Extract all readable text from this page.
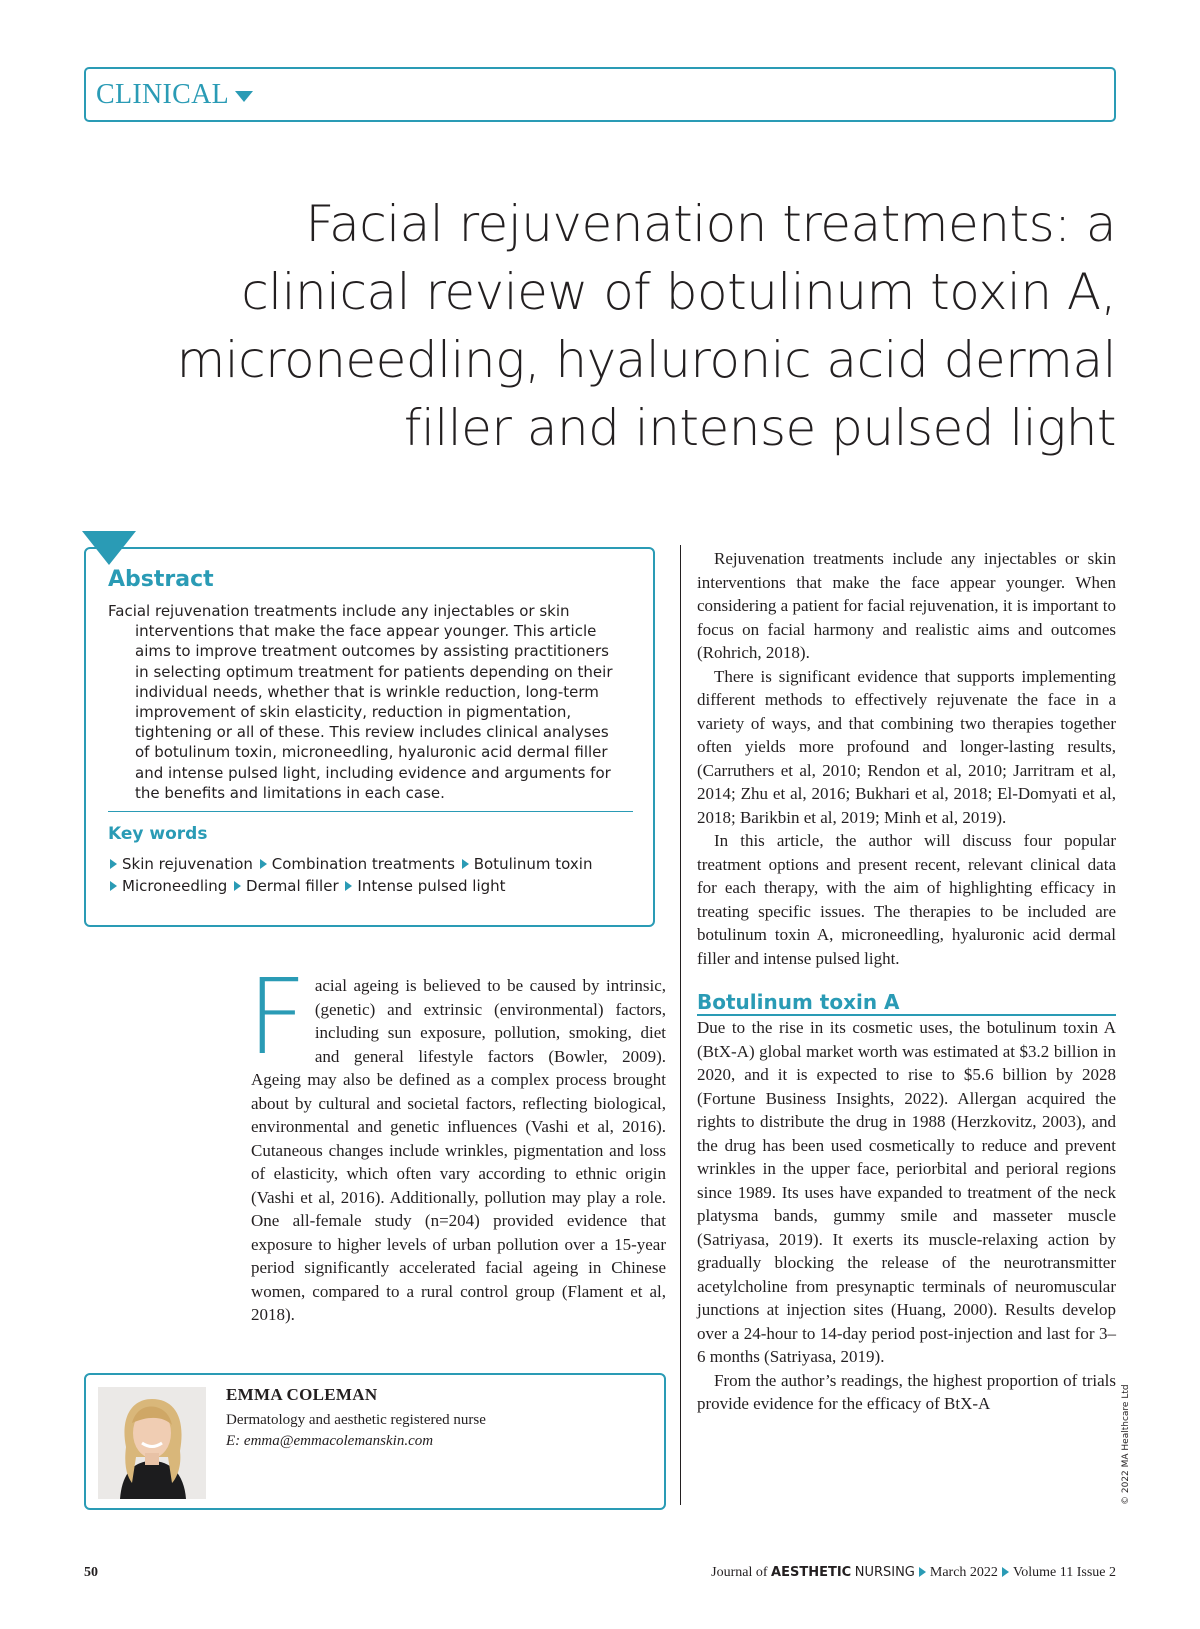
CLINICAL
Facial rejuvenation treatments: a clinical review of botulinum toxin A, microneedling, hyaluronic acid dermal filler and intense pulsed light
Abstract

Facial rejuvenation treatments include any injectables or skin interventions that make the face appear younger. This article aims to improve treatment outcomes by assisting practitioners in selecting optimum treatment for patients depending on their individual needs, whether that is wrinkle reduction, long-term improvement of skin elasticity, reduction in pigmentation, tightening or all of these. This review includes clinical analyses of botulinum toxin, microneedling, hyaluronic acid dermal filler and intense pulsed light, including evidence and arguments for the benefits and limitations in each case.

Key words
Skin rejuvenation Combination treatments Botulinum toxin
Microneedling Dermal filler Intense pulsed light
Facial ageing is believed to be caused by intrinsic, (genetic) and extrinsic (environmental) factors, including sun exposure, pollution, smoking, diet and general lifestyle factors (Bowler, 2009). Ageing may also be defined as a complex process brought about by cultural and societal factors, reflecting biological, environmental and genetic influences (Vashi et al, 2016). Cutaneous changes include wrinkles, pigmentation and loss of elasticity, which often vary according to ethnic origin (Vashi et al, 2016). Additionally, pollution may play a role. One all-female study (n=204) provided evidence that exposure to higher levels of urban pollution over a 15-year period significantly accelerated facial ageing in Chinese women, compared to a rural control group (Flament et al, 2018).
EMMA COLEMAN
Dermatology and aesthetic registered nurse
E: emma@emmacolemanskin.com

Rejuvenation treatments include any injectables or skin interventions that make the face appear younger. When considering a patient for facial rejuvenation, it is important to focus on facial harmony and realistic aims and outcomes (Rohrich, 2018).

There is significant evidence that supports implementing different methods to effectively rejuvenate the face in a variety of ways, and that combining two therapies together often yields more profound and longer-lasting results, (Carruthers et al, 2010; Rendon et al, 2010; Jarritram et al, 2014; Zhu et al, 2016; Bukhari et al, 2018; El-Domyati et al, 2018; Barikbin et al, 2019; Minh et al, 2019).

In this article, the author will discuss four popular treatment options and present recent, relevant clinical data for each therapy, with the aim of highlighting efficacy in treating specific issues. The therapies to be included are botulinum toxin A, microneedling, hyaluronic acid dermal filler and intense pulsed light.

Botulinum toxin A

Due to the rise in its cosmetic uses, the botulinum toxin A (BtX-A) global market worth was estimated at $3.2 billion in 2020, and it is expected to rise to $5.6 billion by 2028 (Fortune Business Insights, 2022). Allergan acquired the rights to distribute the drug in 1988 (Herzkovitz, 2003), and the drug has been used cosmetically to reduce and prevent wrinkles in the upper face, periorbital and perioral regions since 1989. Its uses have expanded to treatment of the neck platysma bands, gummy smile and masseter muscle (Satriyasa, 2019). It exerts its muscle-relaxing action by gradually blocking the release of the neurotransmitter acetylcholine from presynaptic terminals of neuromuscular junctions at injection sites (Huang, 2000). Results develop over a 24-hour to 14-day period post-injection and last for 3–6 months (Satriyasa, 2019).

From the author’s readings, the highest proportion of trials provide evidence for the efficacy of BtX-A	© 2022 MA Healthcare Ltd
50	Journal of AESTHETIC NURSING March 2022 Volume 11 Issue 2
